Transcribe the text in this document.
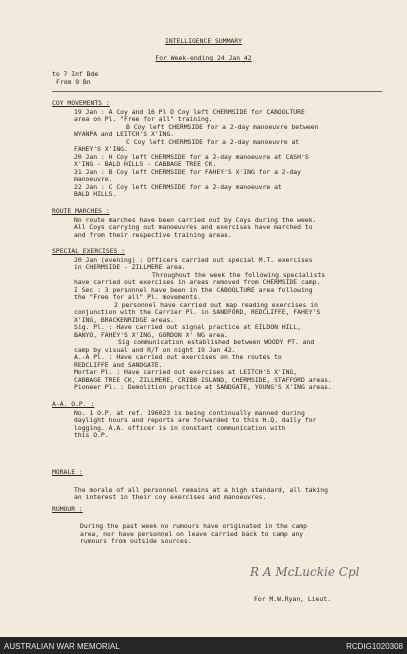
INTELLIGENCE SUMMARY
For Week-ending 24 Jan 42
to 7 Inf Bde
From 9 Bn
COY MOVEMENTS :
19 Jan : A Coy and 16 Pl D Coy left CHERMSIDE for CABOOLTURE
area on Pl. "Free for all" training.
B Coy left CHERMSIDE for a 2-day manoeuvre between
WYANPA and LEITCH'S X'ING.
C Coy left CHERMSIDE for a 2-day manoeuvre at
FAHEY'S X'ING.
20 Jan : H Coy left CHERMSIDE for a 2-day manoeuvre at CASH'S
X'ING - BALD HILLS - CABBAGE TREE CK.
21 Jan : B Coy left CHERMSIDE for FAHEY'S X'ING for a 2-day
manoeuvre.
22 Jan : C Coy left CHERMSIDE for a 2-day manoeuvre at
BALD HILLS.
ROUTE MARCHES :
No route marches have been carried out by Coys during the week.
All Coys carrying out manoeuvres and exercises have marched to
and from their respective training areas.
SPECIAL EXERCISES :
20 Jan (evening) : Officers carried out special M.T. exercises
in CHERMSIDE - ZILLMERE area.
Throughout the week the following specialists
have carried out exercises in areas removed from CHERMSIDE camp.
I Sec : 3 personnel have been in the CABOOLTURE area following
the "Free for all" Pl. movements.
2 personnel have carried out map reading exercises in
conjunction with the Carrier Pl. in SANDFORD, REDCLIFFE, FAHEY'S
X'ING, BRACKENRIDGE areas.
Sig. Pl. : Have carried out signal practice at EILDON HILL,
BANYO, FAHEY'S X'ING, GORDON X' NG area.
Sig communication established between WOODY PT. and
camp by visual and R/T on night 19 Jan 42.
A.-A Pl. : Have carried out exercises on the routes to
REDCLIFFE and SANDGATE.
Mortar Pl. : Have carried out exercises at LEITCH'S X'ING,
CABBAGE TREE CK, ZILLMERE, CRIBB ISLAND, CHERMSIDE, STAFFORD areas.
Pioneer Pl. : Demolition practice at SANDGATE, YOUNG'S X'ING areas.
A-A. O.P. :
No. 1 O.P. at ref. 196023 is being continually manned during
daylight hours and reports are forwarded to this H.Q. daily for
logging. A.A. officer is in constant communication with
this O.P.
MORALE :
The morale of all personnel remains at a high standard, all taking
an interest in their coy exercises and manoeuvres.
RUMOUR :
During the past week no rumours have originated in the camp
area, nor have personnel on leave carried back to camp any
rumours from outside sources.
R A McLuckie Cpl
For M.W.Ryan, Lieut.
AUSTRALIAN WAR MEMORIAL	RCDIG1020308
